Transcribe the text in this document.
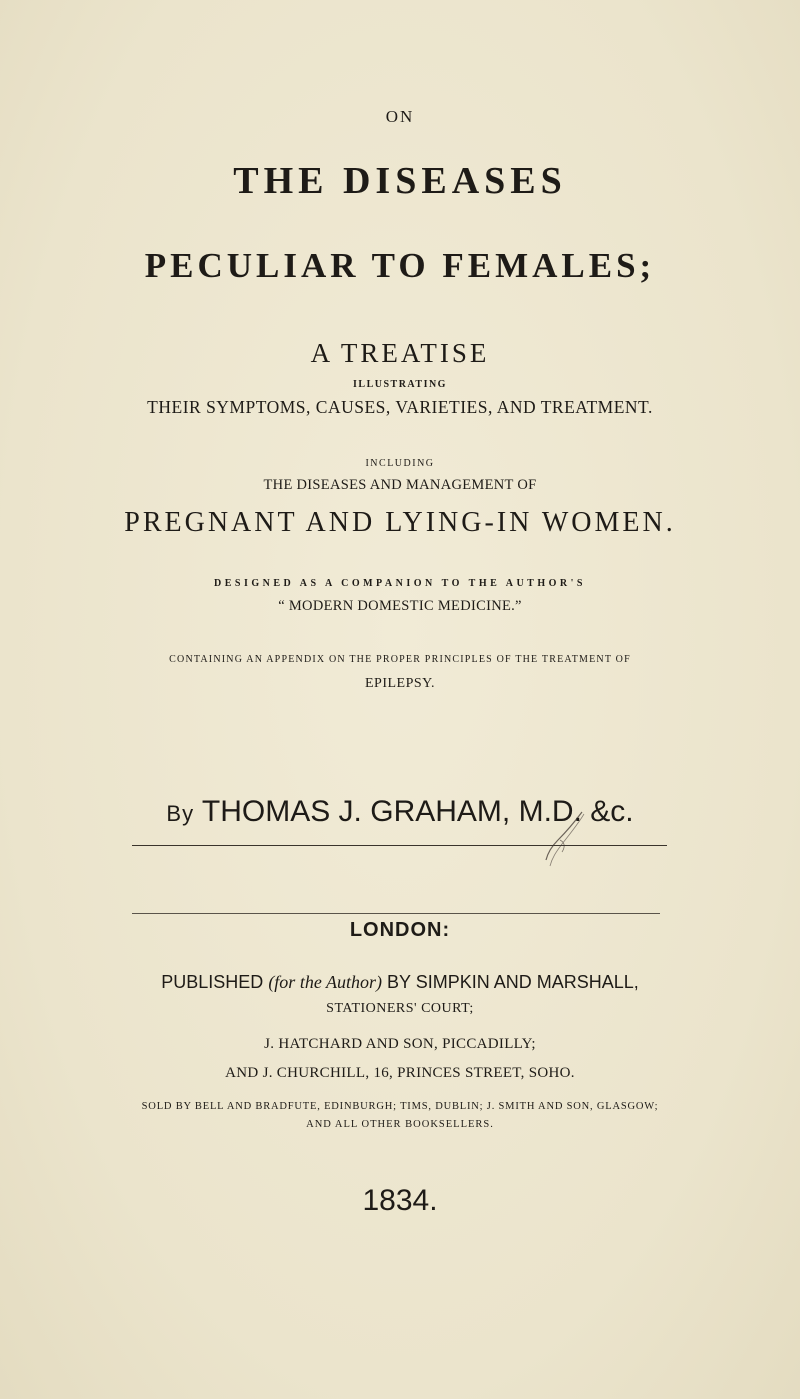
ON
THE DISEASES
PECULIAR TO FEMALES;
A TREATISE
ILLUSTRATING
THEIR SYMPTOMS, CAUSES, VARIETIES, AND TREATMENT.
INCLUDING
THE DISEASES AND MANAGEMENT OF
PREGNANT AND LYING-IN WOMEN.
DESIGNED AS A COMPANION TO THE AUTHOR'S
“ MODERN DOMESTIC MEDICINE.”
CONTAINING AN APPENDIX ON THE PROPER PRINCIPLES OF THE TREATMENT OF
EPILEPSY.
By THOMAS J. GRAHAM, M.D. &c.
LONDON:
PUBLISHED (for the Author) BY SIMPKIN AND MARSHALL,
STATIONERS' COURT;
J. HATCHARD AND SON, PICCADILLY;
AND J. CHURCHILL, 16, PRINCES STREET, SOHO.
SOLD BY BELL AND BRADFUTE, EDINBURGH; TIMS, DUBLIN; J. SMITH AND SON, GLASGOW;
AND ALL OTHER BOOKSELLERS.
1834.
